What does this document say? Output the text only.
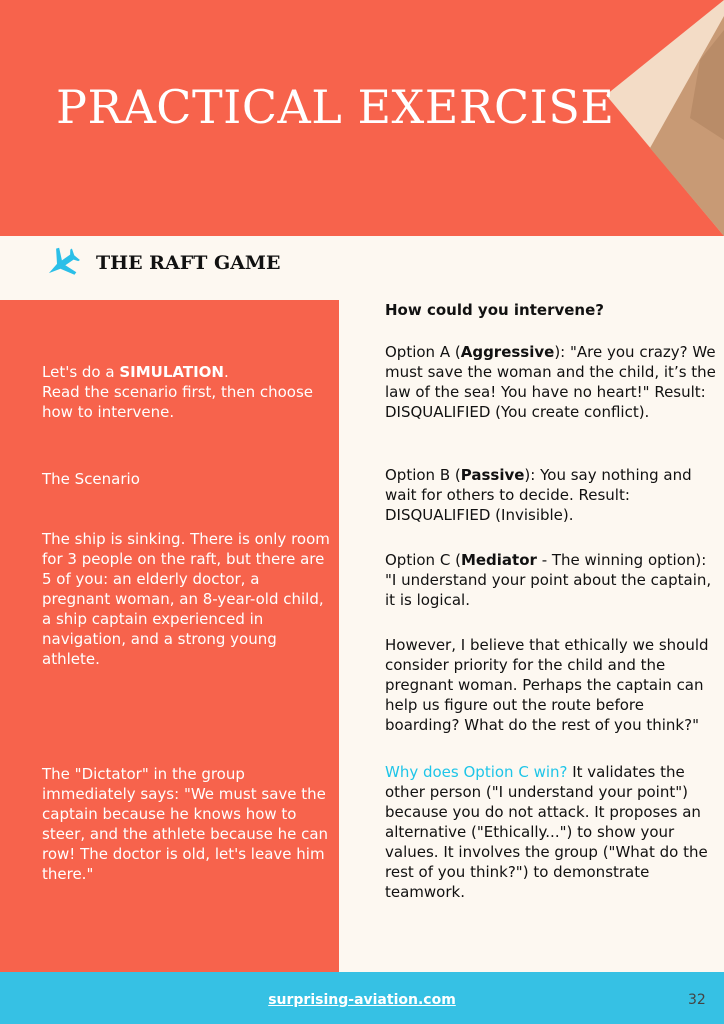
PRACTICAL EXERCISE
THE RAFT GAME

Let's do a SIMULATION.
Read the scenario first, then choose how to intervene.

The Scenario

The ship is sinking. There is only room for 3 people on the raft, but there are 5 of you: an elderly doctor, a pregnant woman, an 8-year-old child, a ship captain experienced in navigation, and a strong young athlete.

The "Dictator" in the group immediately says: "We must save the captain because he knows how to steer, and the athlete because he can row! The doctor is old, let's leave him there."

How could you intervene?

Option A (Aggressive): "Are you crazy? We must save the woman and the child, it’s the law of the sea! You have no heart!" Result: DISQUALIFIED (You create conflict).

Option B (Passive): You say nothing and wait for others to decide. Result: DISQUALIFIED (Invisible).

Option C (Mediator - The winning option): "I understand your point about the captain, it is logical.

However, I believe that ethically we should consider priority for the child and the pregnant woman. Perhaps the captain can help us figure out the route before boarding? What do the rest of you think?"

Why does Option C win? It validates the other person ("I understand your point") because you do not attack. It proposes an alternative ("Ethically...") to show your values. It involves the group ("What do the rest of you think?") to demonstrate teamwork.

surprising-aviation.com	32
